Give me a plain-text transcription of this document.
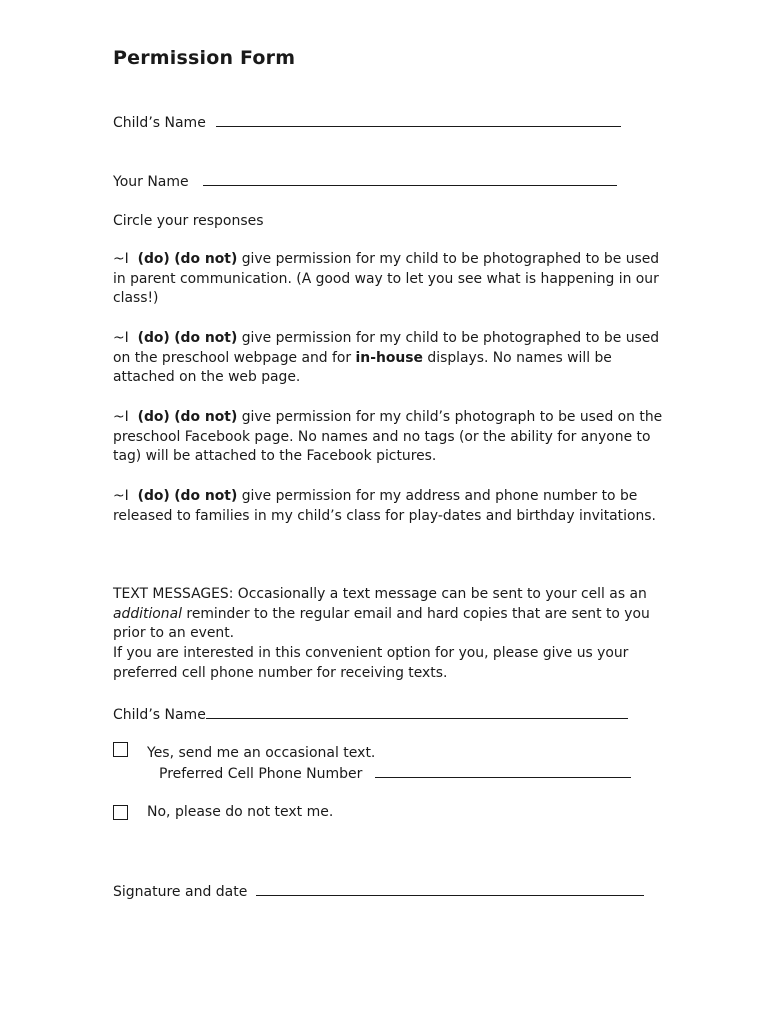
Permission Form
Child’s Name
Your Name
Circle your responses

~I (do) (do not) give permission for my child to be photographed to be used in parent communication. (A good way to let you see what is happening in our class!)

~I (do) (do not) give permission for my child to be photographed to be used on the preschool webpage and for in-house displays. No names will be attached on the web page.

~I (do) (do not) give permission for my child’s photograph to be used on the preschool Facebook page. No names and no tags (or the ability for anyone to tag) will be attached to the Facebook pictures.

~I (do) (do not) give permission for my address and phone number to be released to families in my child’s class for play-dates and birthday invitations.

TEXT MESSAGES: Occasionally a text message can be sent to your cell as an additional reminder to the regular email and hard copies that are sent to you prior to an event.
If you are interested in this convenient option for you, please give us your preferred cell phone number for receiving texts.

Child’s Name
Yes, send me an occasional text.
Preferred Cell Phone Number
No, please do not text me.
Signature and date
